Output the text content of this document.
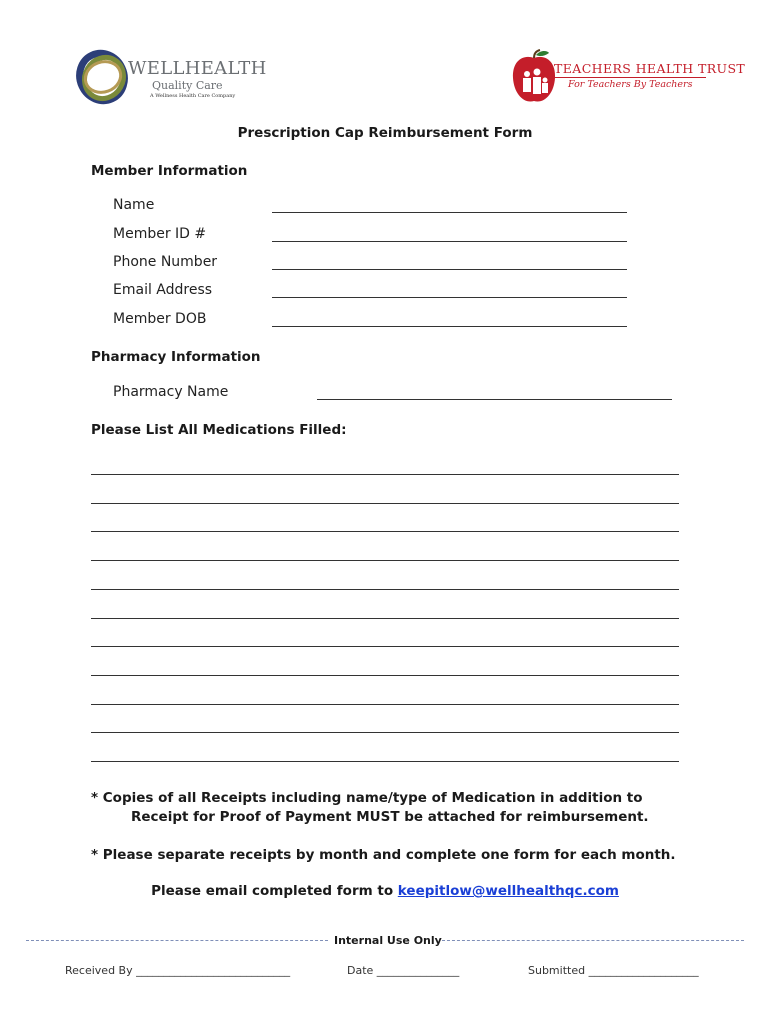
WELLHEALTH
Quality Care
A Wellness Health Care Company
TEACHERS HEALTH TRUST
For Teachers By Teachers
Prescription Cap Reimbursement Form
Member Information
Name
Member ID #
Phone Number
Email Address
Member DOB
Pharmacy Information
Pharmacy Name
Please List All Medications Filled:
* Copies of all Receipts including name/type of Medication in addition to
Receipt for Proof of Payment MUST be attached for reimbursement.
* Please separate receipts by month and complete one form for each month.
Please email completed form to keepitlow@wellhealthqc.com
Internal Use Only
Received By ____________________________	Date _______________	Submitted ____________________
